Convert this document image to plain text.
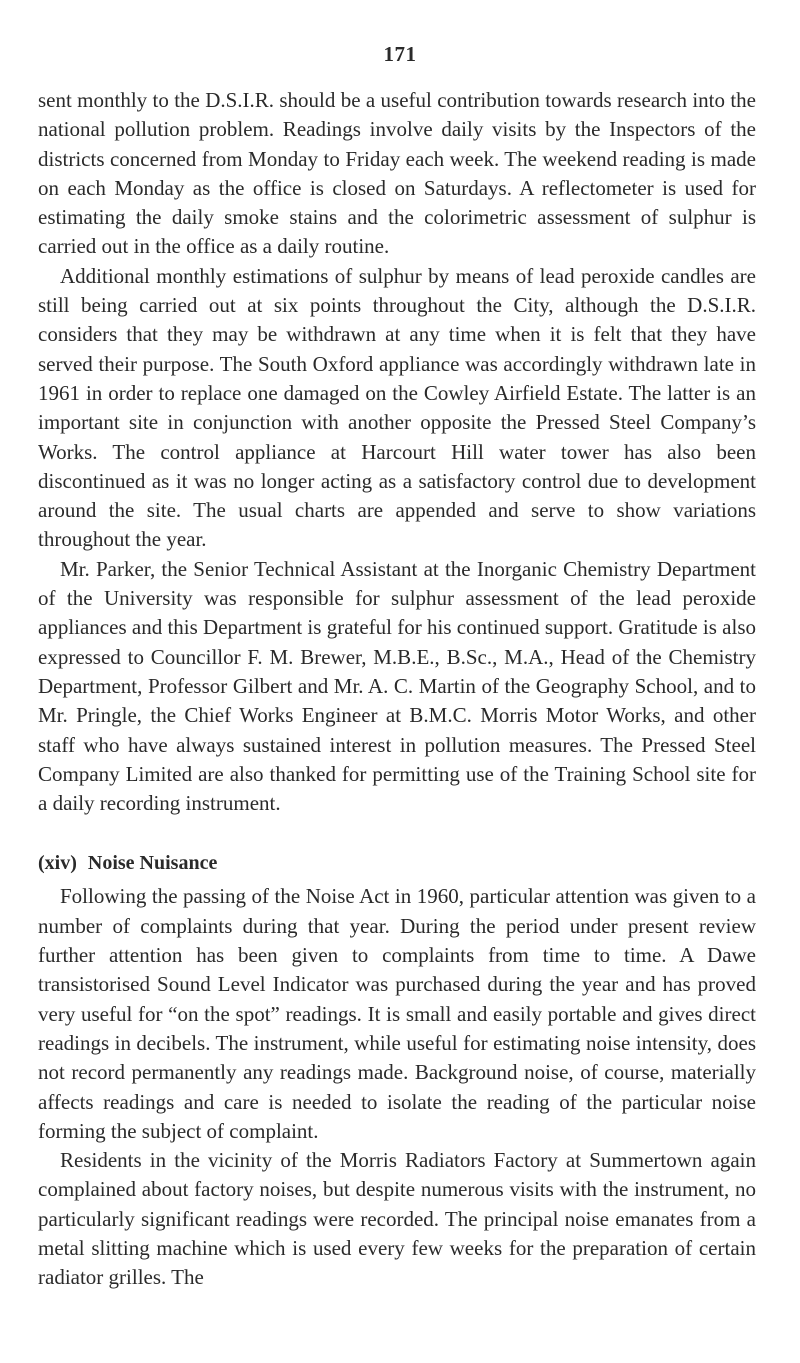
171

sent monthly to the D.S.I.R. should be a useful contribution towards research into the national pollution problem. Readings involve daily visits by the Inspectors of the districts concerned from Monday to Friday each week. The weekend reading is made on each Monday as the office is closed on Saturdays. A reflectometer is used for estimating the daily smoke stains and the colorimetric assessment of sulphur is carried out in the office as a daily routine.

Additional monthly estimations of sulphur by means of lead peroxide candles are still being carried out at six points throughout the City, although the D.S.I.R. considers that they may be withdrawn at any time when it is felt that they have served their purpose. The South Oxford appliance was accordingly withdrawn late in 1961 in order to replace one damaged on the Cowley Airfield Estate. The latter is an important site in conjunction with another opposite the Pressed Steel Company’s Works. The control appliance at Harcourt Hill water tower has also been discontinued as it was no longer acting as a satisfactory control due to development around the site. The usual charts are appended and serve to show variations throughout the year.

Mr. Parker, the Senior Technical Assistant at the Inorganic Chemistry Department of the University was responsible for sulphur assessment of the lead peroxide appliances and this Department is grateful for his continued support. Gratitude is also expressed to Councillor F. M. Brewer, M.B.E., B.Sc., M.A., Head of the Chemistry Department, Professor Gilbert and Mr. A. C. Martin of the Geography School, and to Mr. Pringle, the Chief Works Engineer at B.M.C. Morris Motor Works, and other staff who have always sustained interest in pollution measures. The Pressed Steel Company Limited are also thanked for permitting use of the Training School site for a daily recording instrument.

(xiv) Noise Nuisance

Following the passing of the Noise Act in 1960, particular attention was given to a number of complaints during that year. During the period under present review further attention has been given to complaints from time to time. A Dawe transistorised Sound Level Indicator was purchased during the year and has proved very useful for “on the spot” readings. It is small and easily portable and gives direct readings in decibels. The instrument, while useful for estimating noise intensity, does not record permanently any readings made. Background noise, of course, materially affects readings and care is needed to isolate the reading of the particular noise forming the subject of complaint.

Residents in the vicinity of the Morris Radiators Factory at Summertown again complained about factory noises, but despite numerous visits with the instrument, no particularly significant readings were recorded. The principal noise emanates from a metal slitting machine which is used every few weeks for the preparation of certain radiator grilles. The
